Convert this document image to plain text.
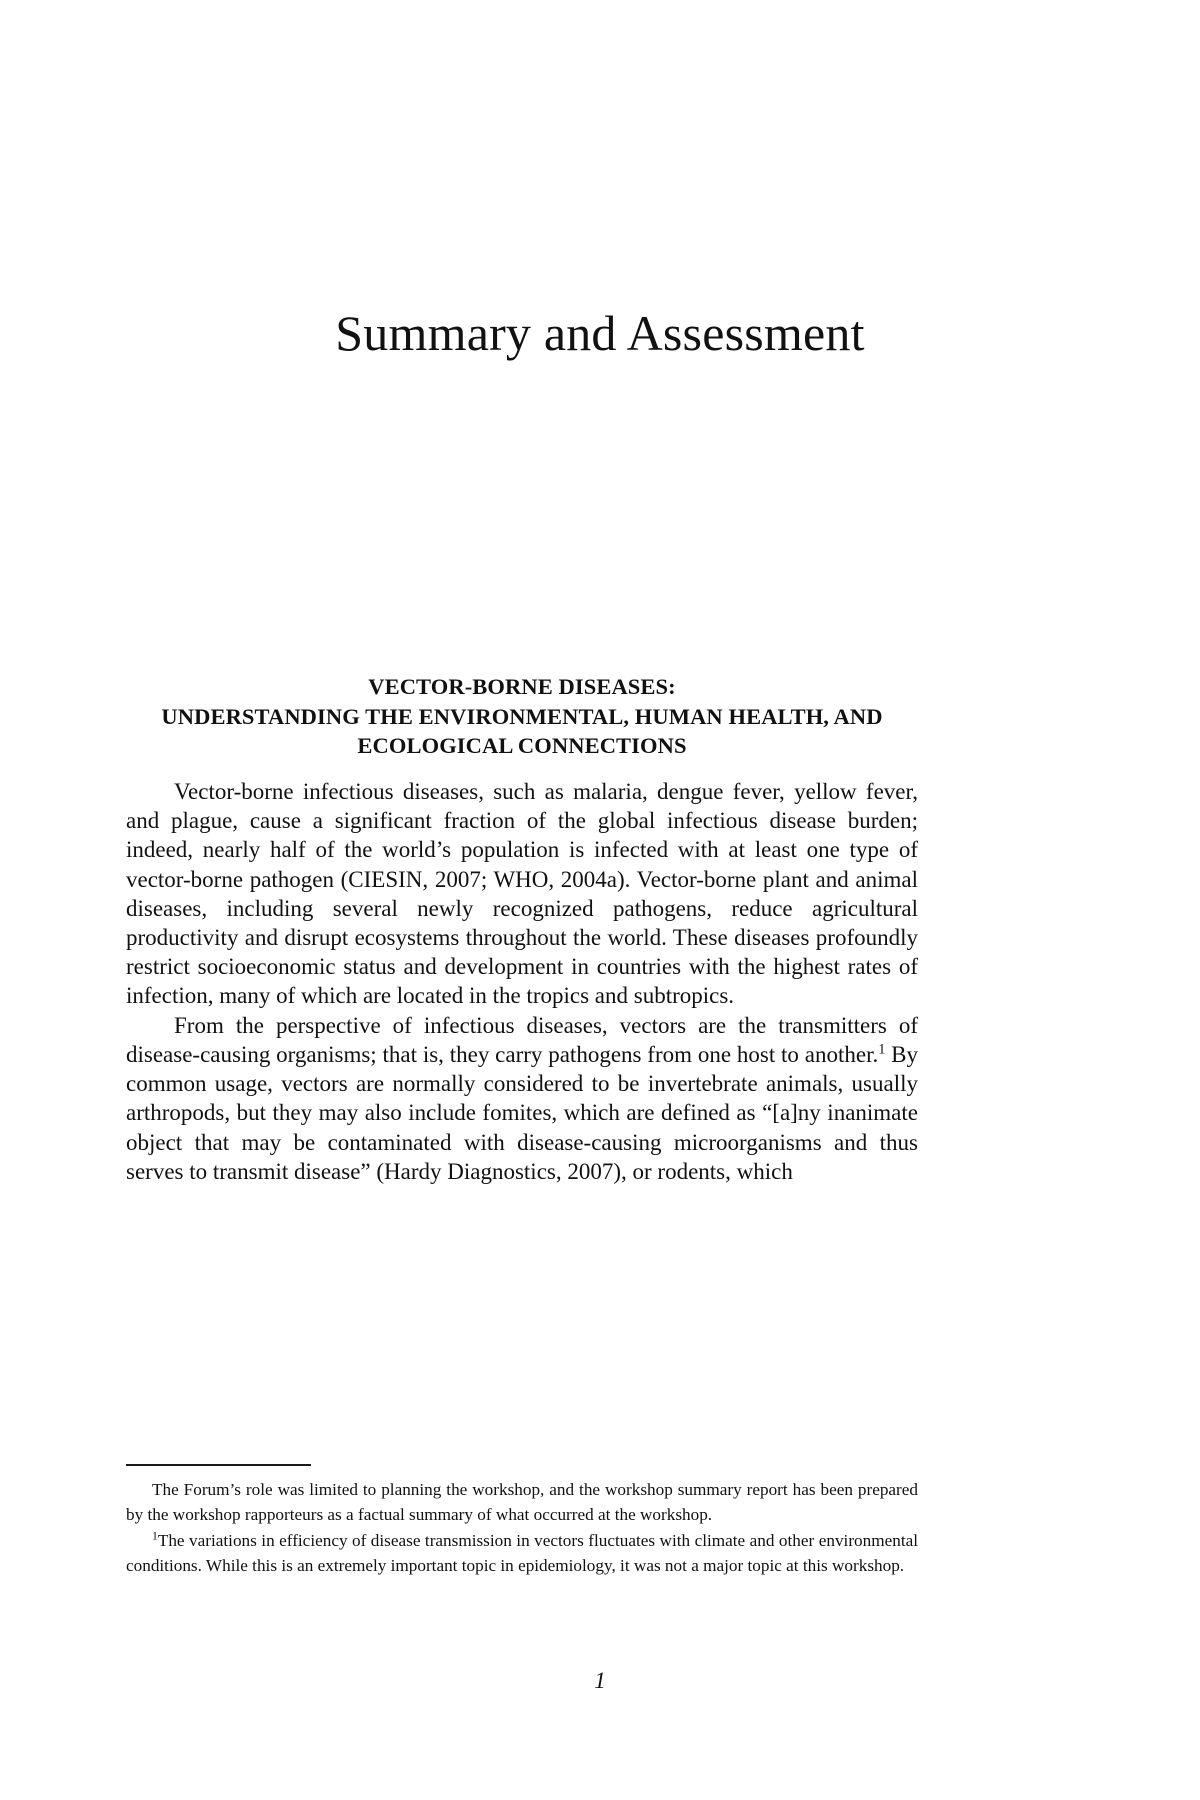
Summary and Assessment
VECTOR-BORNE DISEASES:
UNDERSTANDING THE ENVIRONMENTAL, HUMAN HEALTH, AND
ECOLOGICAL CONNECTIONS

Vector-borne infectious diseases, such as malaria, dengue fever, yellow fever, and plague, cause a significant fraction of the global infectious disease burden; indeed, nearly half of the world’s population is infected with at least one type of vector-borne pathogen (CIESIN, 2007; WHO, 2004a). Vector-borne plant and animal diseases, including several newly recognized pathogens, reduce agricultural productivity and disrupt ecosystems throughout the world. These diseases profoundly restrict socioeconomic status and development in countries with the highest rates of infection, many of which are located in the tropics and subtropics.

From the perspective of infectious diseases, vectors are the transmitters of disease-causing organisms; that is, they carry pathogens from one host to another.$^1$ By common usage, vectors are normally considered to be invertebrate animals, usually arthropods, but they may also include fomites, which are defined as “[a]ny inanimate object that may be contaminated with disease-causing microorganisms and thus serves to transmit disease” (Hardy Diagnostics, 2007), or rodents, which

The Forum’s role was limited to planning the workshop, and the workshop summary report has been prepared by the workshop rapporteurs as a factual summary of what occurred at the workshop.

$^1$The variations in efficiency of disease transmission in vectors fluctuates with climate and other environmental conditions. While this is an extremely important topic in epidemiology, it was not a major topic at this workshop.

1
